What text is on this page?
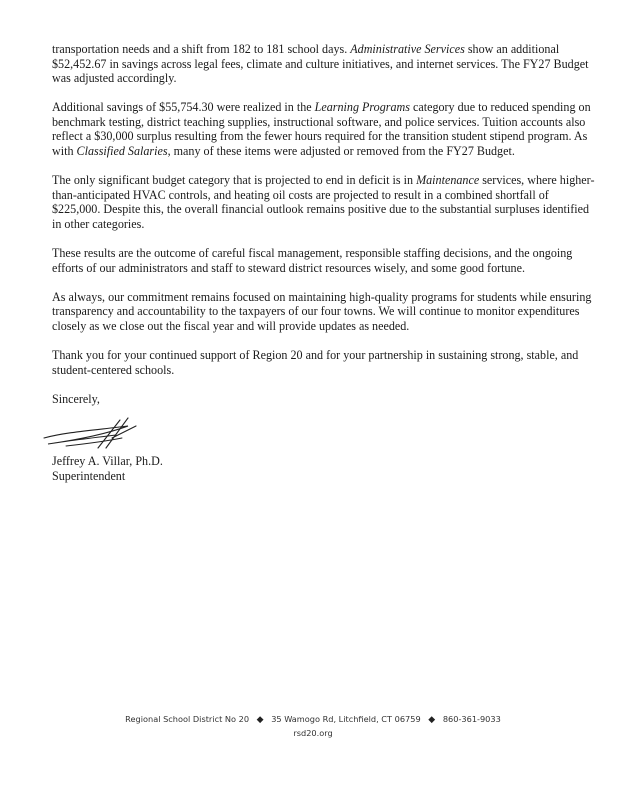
transportation needs and a shift from 182 to 181 school days. Administrative Services show an additional $52,452.67 in savings across legal fees, climate and culture initiatives, and internet services. The FY27 Budget was adjusted accordingly.

Additional savings of $55,754.30 were realized in the Learning Programs category due to reduced spending on benchmark testing, district teaching supplies, instructional software, and police services. Tuition accounts also reflect a $30,000 surplus resulting from the fewer hours required for the transition student stipend program. As with Classified Salaries, many of these items were adjusted or removed from the FY27 Budget.

The only significant budget category that is projected to end in deficit is in Maintenance services, where higher-than-anticipated HVAC controls, and heating oil costs are projected to result in a combined shortfall of $225,000. Despite this, the overall financial outlook remains positive due to the substantial surpluses identified in other categories.

These results are the outcome of careful fiscal management, responsible staffing decisions, and the ongoing efforts of our administrators and staff to steward district resources wisely, and some good fortune.

As always, our commitment remains focused on maintaining high-quality programs for students while ensuring transparency and accountability to the taxpayers of our four towns. We will continue to monitor expenditures closely as we close out the fiscal year and will provide updates as needed.

Thank you for your continued support of Region 20 and for your partnership in sustaining strong, stable, and student-centered schools.

Sincerely,

Jeffrey A. Villar, Ph.D.
Superintendent
Regional School District No 20 ◆ 35 Wamogo Rd, Litchfield, CT 06759 ◆ 860-361-9033
rsd20.org
